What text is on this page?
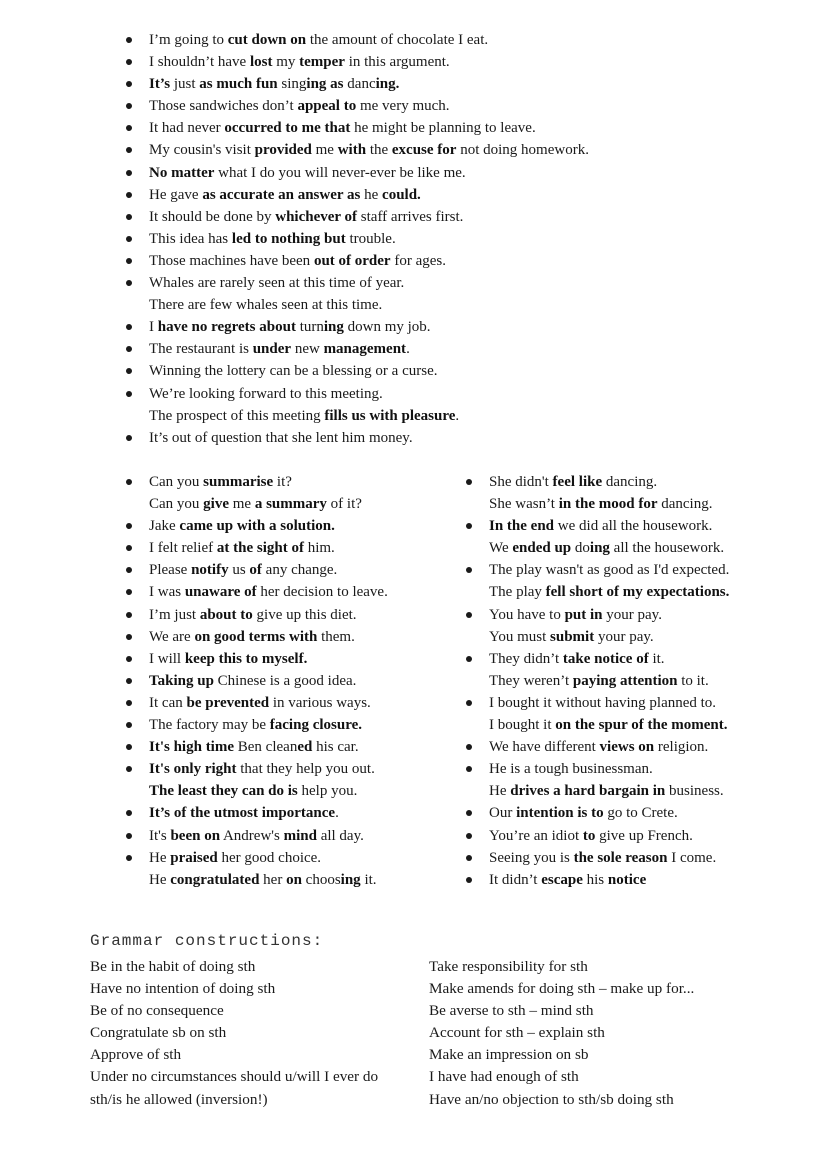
I’m going to cut down on the amount of chocolate I eat.
I shouldn’t have lost my temper in this argument.
It’s just as much fun singing as dancing.
Those sandwiches don’t appeal to me very much.
It had never occurred to me that he might be planning to leave.
My cousin's visit provided me with the excuse for not doing homework.
No matter what I do you will never-ever be like me.
He gave as accurate an answer as he could.
It should be done by whichever of staff arrives first.
This idea has led to nothing but trouble.
Those machines have been out of order for ages.
Whales are rarely seen at this time of year.
There are few whales seen at this time.
I have no regrets about turning down my job.
The restaurant is under new management.
Winning the lottery can be a blessing or a curse.
We’re looking forward to this meeting.
The prospect of this meeting fills us with pleasure.
It’s out of question that she lent him money.
Can you summarise it?
Can you give me a summary of it?
Jake came up with a solution.
I felt relief at the sight of him.
Please notify us of any change.
I was unaware of her decision to leave.
I’m just about to give up this diet.
We are on good terms with them.
I will keep this to myself.
Taking up Chinese is a good idea.
It can be prevented in various ways.
The factory may be facing closure.
It's high time Ben cleaned his car.
It's only right that they help you out.
The least they can do is help you.
It’s of the utmost importance.
It's been on Andrew's mind all day.
He praised her good choice.
He congratulated her on choosing it.
She didn't feel like dancing.
She wasn’t in the mood for dancing.
In the end we did all the housework.
We ended up doing all the housework.
The play wasn't as good as I'd expected.
The play fell short of my expectations.
You have to put in your pay.
You must submit your pay.
They didn’t take notice of it.
They weren’t paying attention to it.
I bought it without having planned to.
I bought it on the spur of the moment.
We have different views on religion.
He is a tough businessman.
He drives a hard bargain in business.
Our intention is to go to Crete.
You’re an idiot to give up French.
Seeing you is the sole reason I come.
It didn’t escape his notice
Grammar constructions:
Be in the habit of doing sth
Have no intention of doing sth
Be of no consequence
Congratulate sb on sth
Approve of sth
Under no circumstances should u/will I ever do
sth/is he allowed (inversion!)
Take responsibility for sth
Make amends for doing sth – make up for...
Be averse to sth – mind sth
Account for sth – explain sth
Make an impression on sb
I have had enough of sth
Have an/no objection to sth/sb doing sth
